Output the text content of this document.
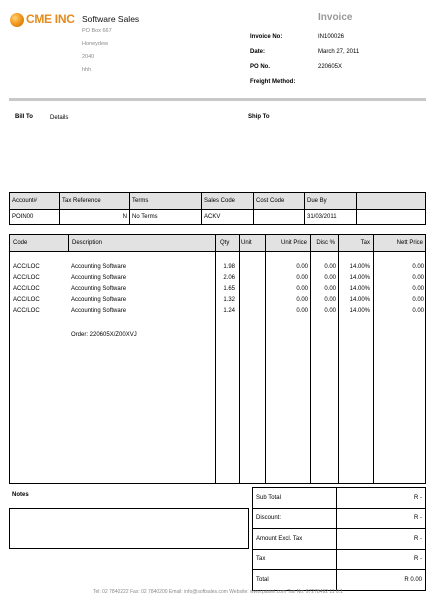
CME INC Software Sales
PO Box 667
Honeydew
2040
hhh
Invoice
Invoice No:	IN100026
Date:	March 27, 2011
PO No.	220605X
Freight Method:
Bill To	Details	Ship To
Account#	Tax Reference	Terms	Sales Code	Cost Code	Due By	
POIN00	N	No Terms	ACKV		31/03/2011	
Code	Description	Qty Unit	Unit Price	Disc %	Tax	Nett Price
ACC/LOC	Accounting Software	1.98	0.00	0.00	14.00%	0.00
ACC/LOC	Accounting Software	2.06	0.00	0.00	14.00%	0.00
ACC/LOC	Accounting Software	1.65	0.00	0.00	14.00%	0.00
ACC/LOC	Accounting Software	1.32	0.00	0.00	14.00%	0.00
ACC/LOC	Accounting Software	1.24	0.00	0.00	14.00%	0.00
Order: 220605X/Z00XVJ
Notes	Sub Total	R -
Discount:	R -
Amount Excl. Tax	R -
Tax	R -
Total	R 0.00
Tel: 02 7840222 Fax: 02 7840200 Email: info@softsales.com Website: www.pastel.com Tax No: 97278492 11 0.1
